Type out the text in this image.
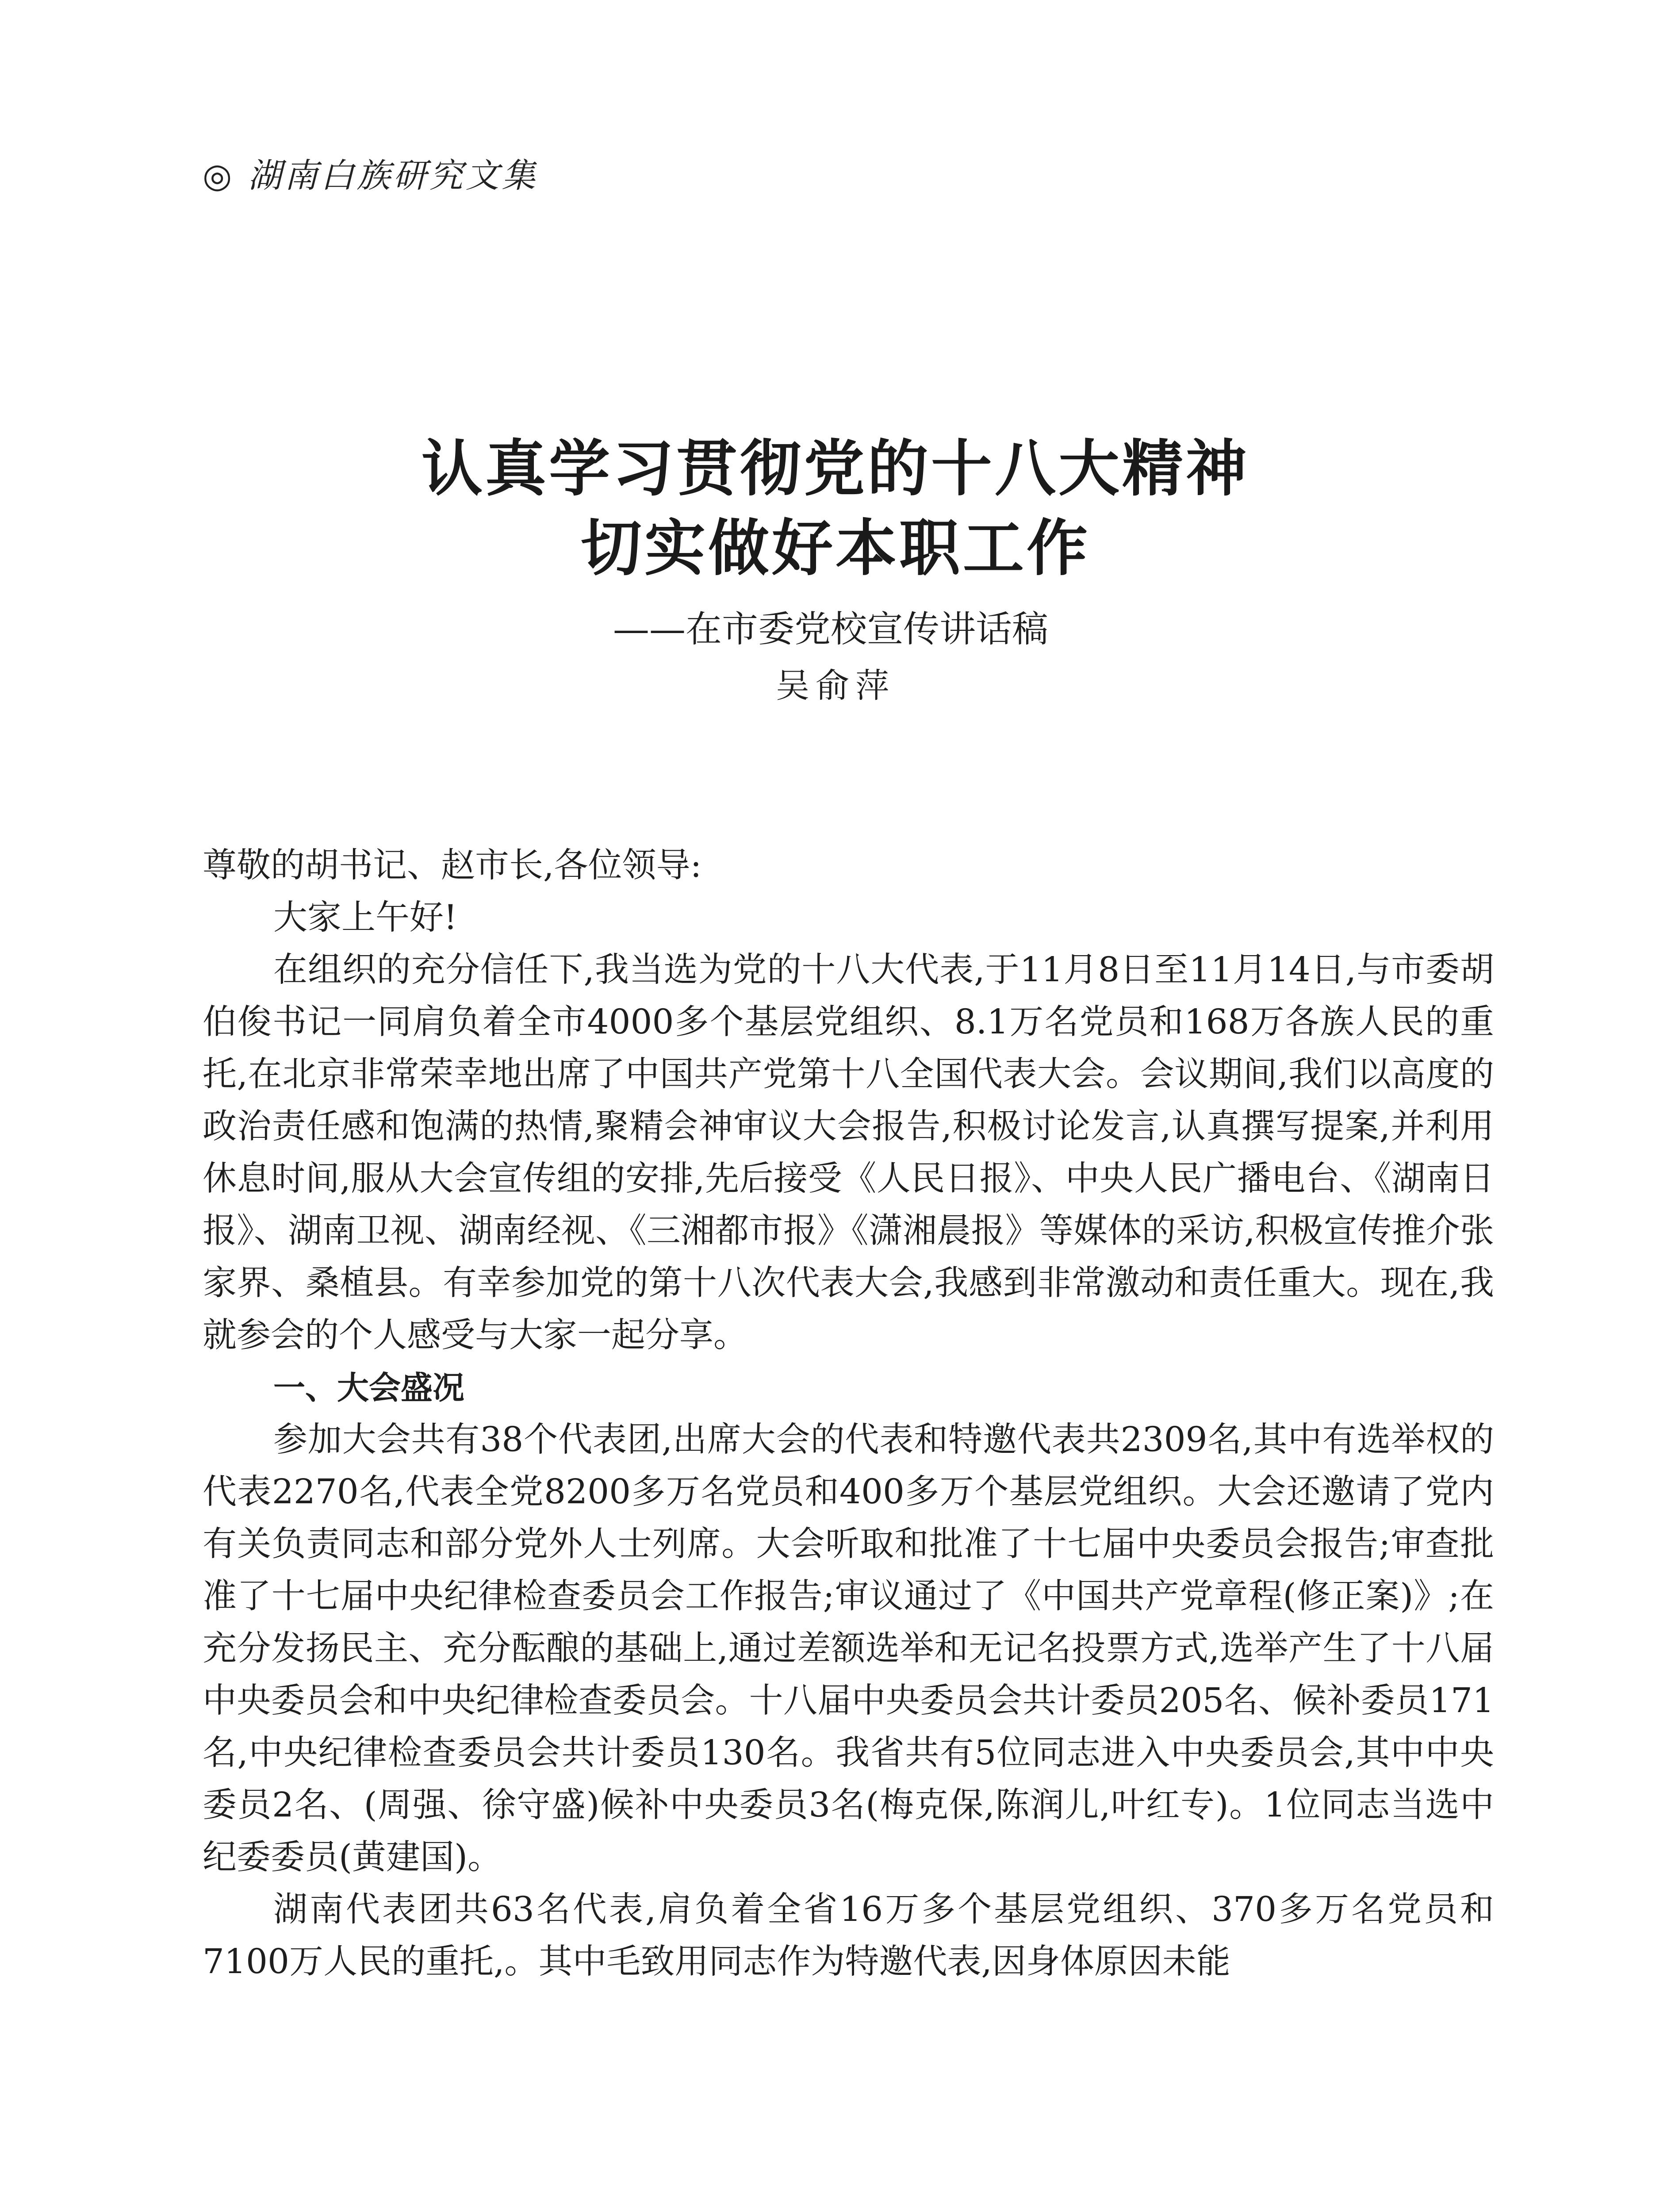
◎ 湖南白族研究文集
认真学习贯彻党的十八大精神
切实做好本职工作
——在市委党校宣传讲话稿
吴俞萍

尊敬的胡书记、赵市长,各位领导:

大家上午好!

在组织的充分信任下,我当选为党的十八大代表,于11月8日至11月14日,与市委胡伯俊书记一同肩负着全市4000多个基层党组织、8.1万名党员和168万各族人民的重托,在北京非常荣幸地出席了中国共产党第十八全国代表大会。会议期间,我们以高度的政治责任感和饱满的热情,聚精会神审议大会报告,积极讨论发言,认真撰写提案,并利用休息时间,服从大会宣传组的安排,先后接受《人民日报》、中央人民广播电台、《湖南日报》、湖南卫视、湖南经视、《三湘都市报》《潇湘晨报》等媒体的采访,积极宣传推介张家界、桑植县。有幸参加党的第十八次代表大会,我感到非常激动和责任重大。现在,我就参会的个人感受与大家一起分享。

一、大会盛况

参加大会共有38个代表团,出席大会的代表和特邀代表共2309名,其中有选举权的代表2270名,代表全党8200多万名党员和400多万个基层党组织。大会还邀请了党内有关负责同志和部分党外人士列席。大会听取和批准了十七届中央委员会报告;审查批准了十七届中央纪律检查委员会工作报告;审议通过了《中国共产党章程(修正案)》;在充分发扬民主、充分酝酿的基础上,通过差额选举和无记名投票方式,选举产生了十八届中央委员会和中央纪律检查委员会。十八届中央委员会共计委员205名、候补委员171名,中央纪律检查委员会共计委员130名。我省共有5位同志进入中央委员会,其中中央委员2名、(周强、徐守盛)候补中央委员3名(梅克保,陈润儿,叶红专)。1位同志当选中纪委委员(黄建国)。

湖南代表团共63名代表,肩负着全省16万多个基层党组织、370多万名党员和7100万人民的重托,。其中毛致用同志作为特邀代表,因身体原因未能
